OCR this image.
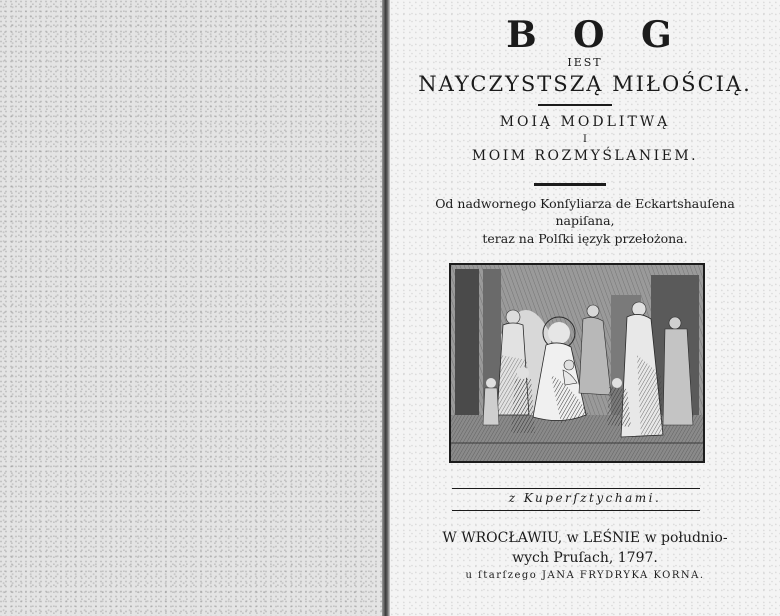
B O G
IEST
NAYCZYSTSZĄ MIŁOŚCIĄ.
MOIĄ MODLITWĄ
I
MOIM ROZMYŚLANIEM.
Od nadwornego Konſyliarza de Eckartshauſena
napiſana,
teraz na Polſki ięzyk przełożona.
z Kuperſztychami.
W WROCŁAWIU, w LEŚNIE w południo-
wych Pruſach, 1797.
u ſtarſzego JANA FRYDRYKA KORNA.
